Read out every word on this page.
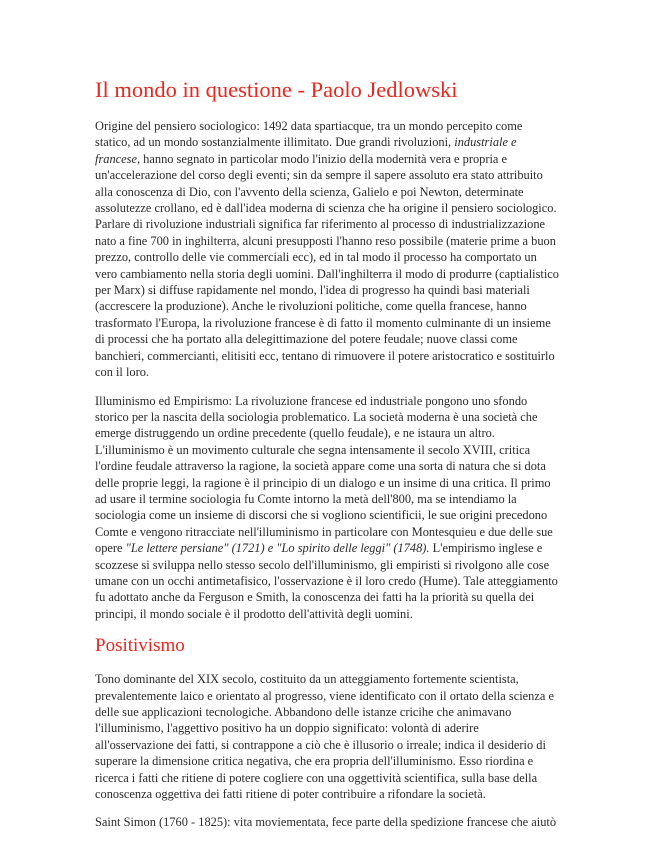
Il mondo in questione - Paolo Jedlowski

Origine del pensiero sociologico: 1492 data spartiacque, tra un mondo percepito come statico, ad un mondo sostanzialmente illimitato. Due grandi rivoluzioni, industriale e francese, hanno segnato in particolar modo l'inizio della modernità vera e propria e un'accelerazione del corso degli eventi; sin da sempre il sapere assoluto era stato attribuito alla conoscenza di Dio, con l'avvento della scienza, Galielo e poi Newton, determinate assolutezze crollano, ed è dall'idea moderna di scienza che ha origine il pensiero sociologico. Parlare di rivoluzione industriali significa far riferimento al processo di industrializzazione nato a fine 700 in inghilterra, alcuni presupposti l'hanno reso possibile (materie prime a buon prezzo, controllo delle vie commerciali ecc), ed in tal modo il processo ha comportato un vero cambiamento nella storia degli uomini. Dall'inghilterra il modo di produrre (captialistico per Marx) si diffuse rapidamente nel mondo, l'idea di progresso ha quindi basi materiali (accrescere la produzione). Anche le rivoluzioni politiche, come quella francese, hanno trasformato l'Europa, la rivoluzione francese è di fatto il momento culminante di un insieme di processi che ha portato alla delegittimazione del potere feudale; nuove classi come banchieri, commercianti, elitisiti ecc, tentano di rimuovere il potere aristocratico e sostituirlo con il loro.

Illuminismo ed Empirismo: La rivoluzione francese ed industriale pongono uno sfondo storico per la nascita della sociologia problematico. La società moderna è una società che emerge distruggendo un ordine precedente (quello feudale), e ne istaura un altro. L'illuminismo è un movimento culturale che segna intensamente il secolo XVIII, critica l'ordine feudale attraverso la ragione, la società appare come una sorta di natura che si dota delle proprie leggi, la ragione è il principio di un dialogo e un insime di una critica. Il primo ad usare il termine sociologia fu Comte intorno la metà dell'800, ma se intendiamo la sociologia come un insieme di discorsi che si vogliono scientificii, le sue origini precedono Comte e vengono ritracciate nell'illuminismo in particolare con Montesquieu e due delle sue opere "Le lettere persiane" (1721) e "Lo spirito delle leggi" (1748). L'empirismo inglese e scozzese si sviluppa nello stesso secolo dell'illuminismo, gli empiristi si rivolgono alle cose umane con un occhi antimetafisico, l'osservazione è il loro credo (Hume). Tale atteggiamento fu adottato anche da Ferguson e Smith, la conoscenza dei fatti ha la priorità su quella dei principi, il mondo sociale è il prodotto dell'attività degli uomini.

Positivismo

Tono dominante del XIX secolo, costituito da un atteggiamento fortemente scientista, prevalentemente laico e orientato al progresso, viene identificato con il ortato della scienza e delle sue applicazioni tecnologiche. Abbandono delle istanze cricihe che animavano l'illuminismo, l'aggettivo positivo ha un doppio significato: volontà di aderire all'osservazione dei fatti, si contrappone a ciò che è illusorio o irreale; indica il desiderio di superare la dimensione critica negativa, che era propria dell'illuminismo. Esso riordina e ricerca i fatti che ritiene di potere cogliere con una oggettività scientifica, sulla base della conoscenza oggettiva dei fatti ritiene di poter contribuire a rifondare la società.

Saint Simon (1760 - 1825): vita moviementata, fece parte della spedizione francese che aiutò
